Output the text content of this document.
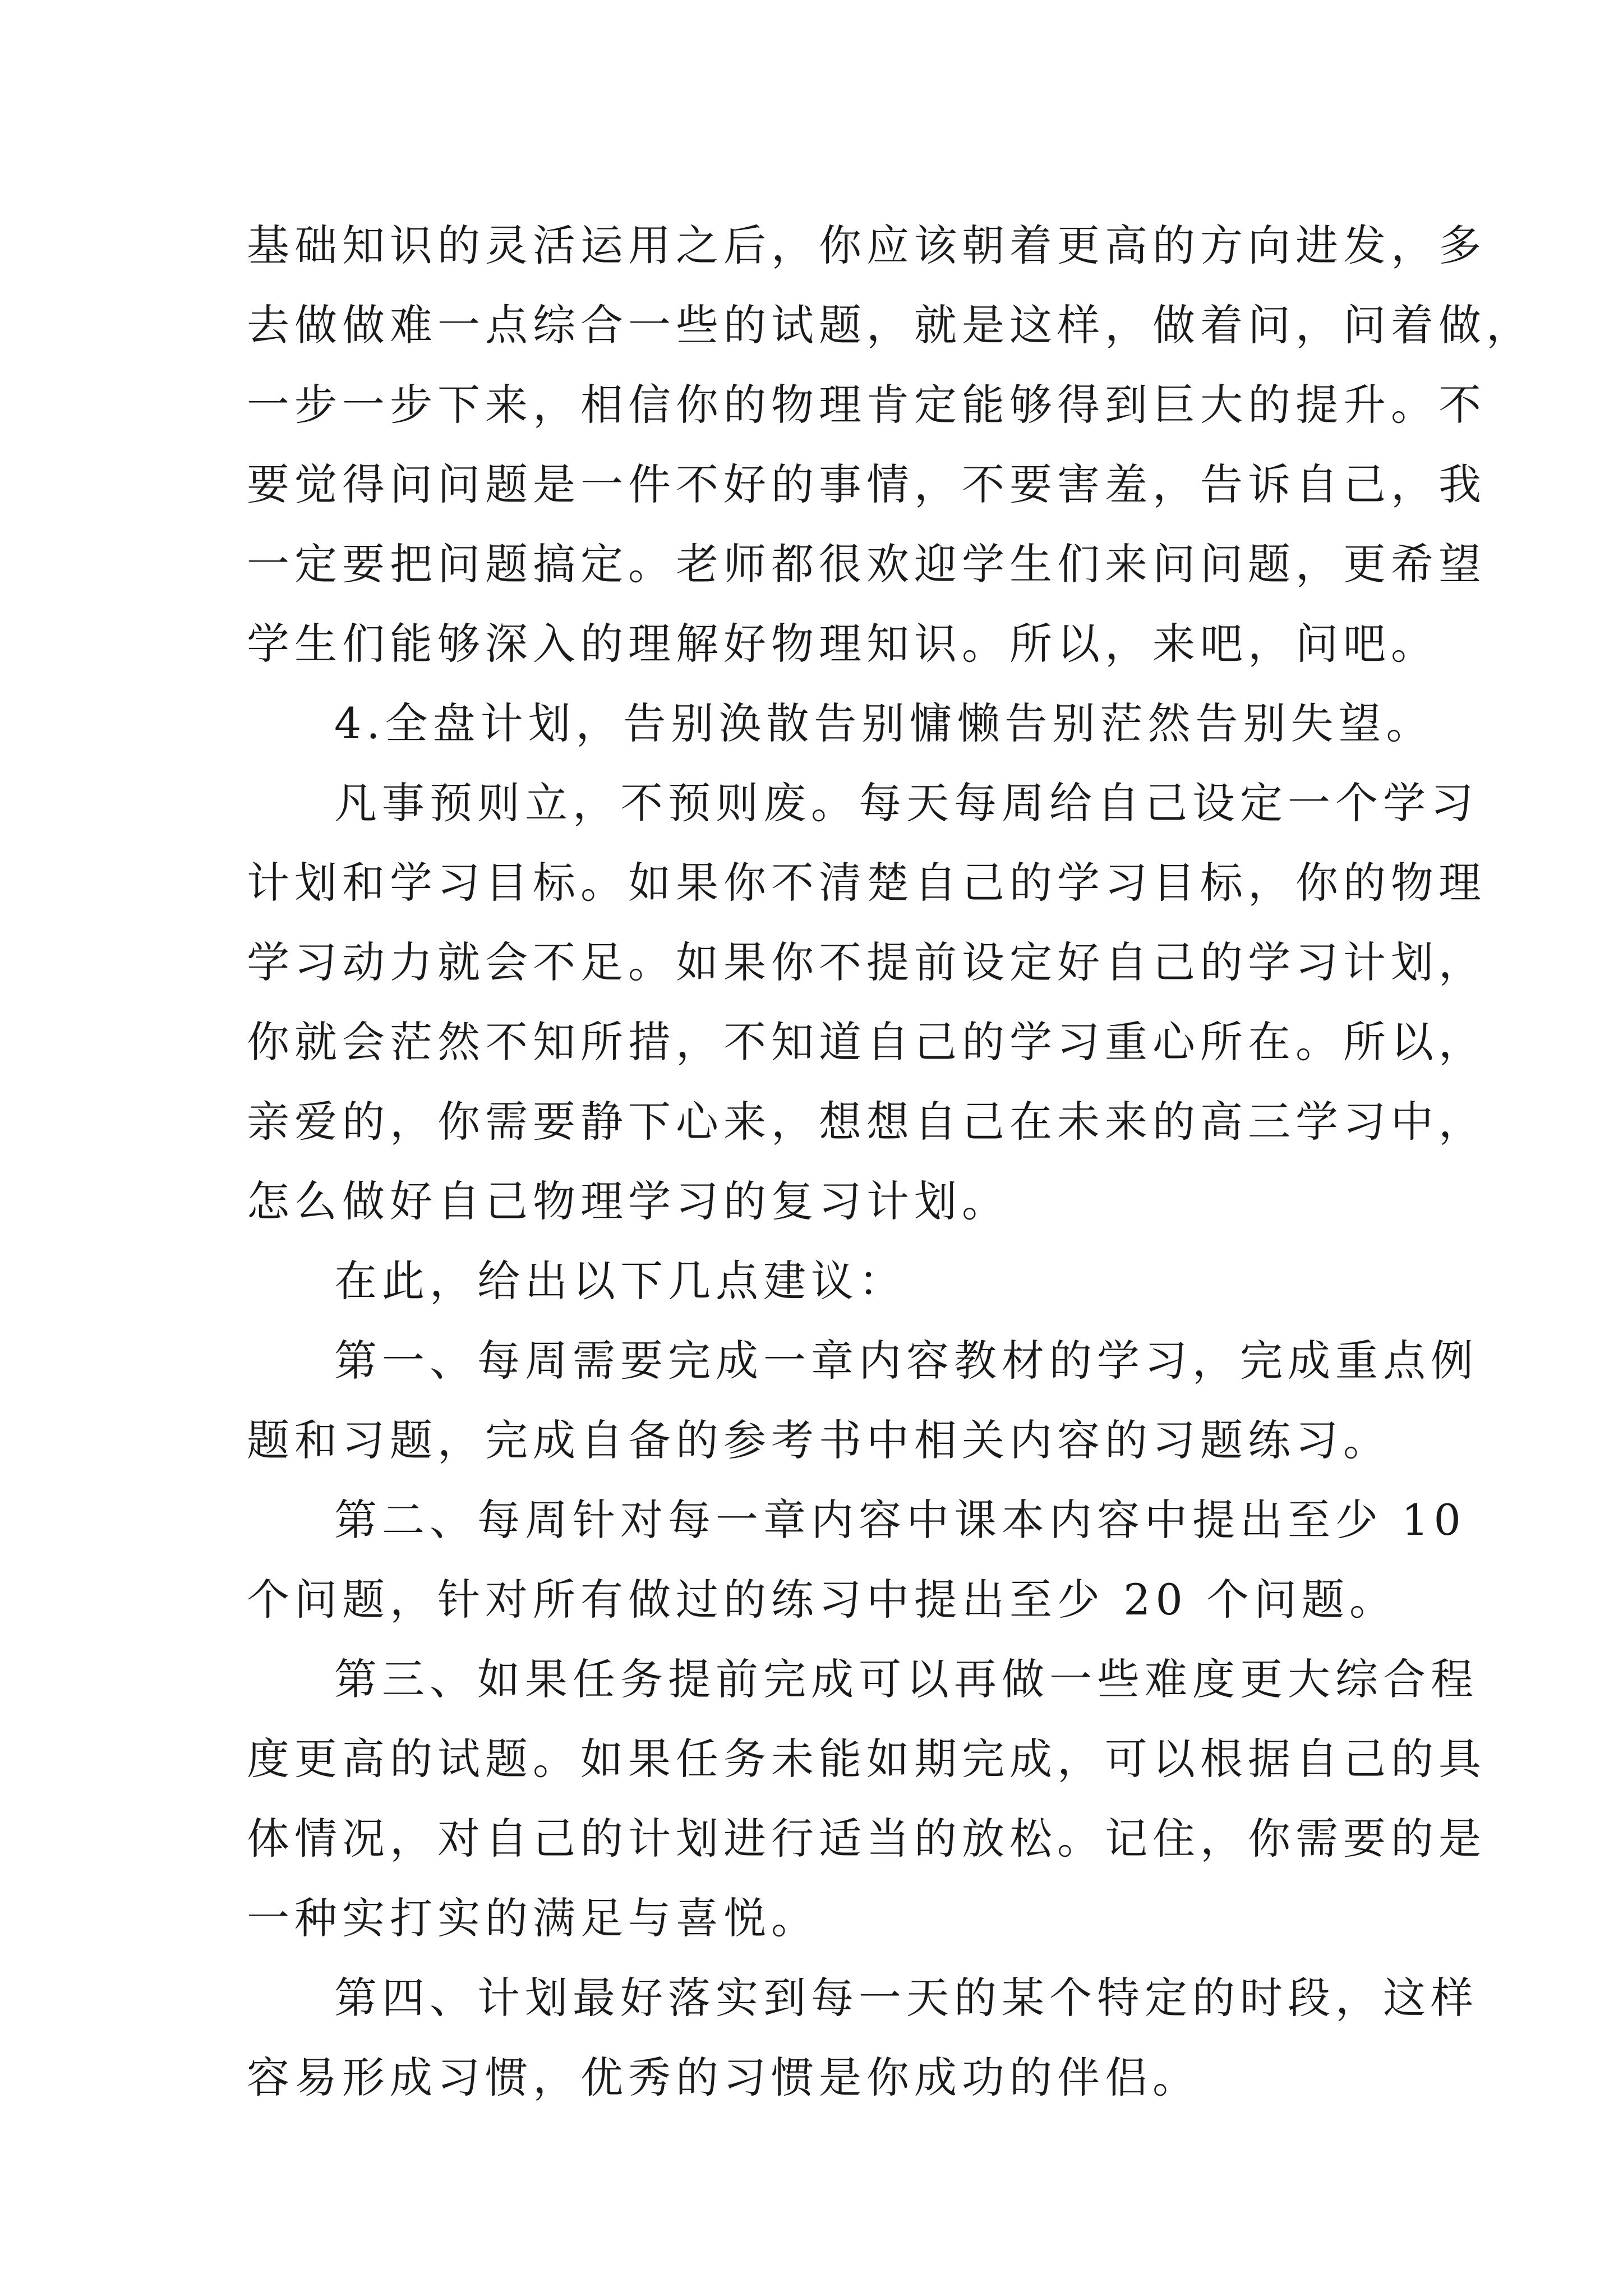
基础知识的灵活运用之后，你应该朝着更高的方向进发，多
去做做难一点综合一些的试题，就是这样，做着问，问着做，
一步一步下来，相信你的物理肯定能够得到巨大的提升。不
要觉得问问题是一件不好的事情，不要害羞，告诉自己，我
一定要把问题搞定。老师都很欢迎学生们来问问题，更希望
学生们能够深入的理解好物理知识。所以，来吧，问吧。
4.全盘计划，告别涣散告别慵懒告别茫然告别失望。
凡事预则立，不预则废。每天每周给自己设定一个学习
计划和学习目标。如果你不清楚自己的学习目标，你的物理
学习动力就会不足。如果你不提前设定好自己的学习计划，
你就会茫然不知所措，不知道自己的学习重心所在。所以，
亲爱的，你需要静下心来，想想自己在未来的高三学习中，
怎么做好自己物理学习的复习计划。
在此，给出以下几点建议：
第一、每周需要完成一章内容教材的学习，完成重点例
题和习题，完成自备的参考书中相关内容的习题练习。
第二、每周针对每一章内容中课本内容中提出至少 10
个问题，针对所有做过的练习中提出至少 20 个问题。
第三、如果任务提前完成可以再做一些难度更大综合程
度更高的试题。如果任务未能如期完成，可以根据自己的具
体情况，对自己的计划进行适当的放松。记住，你需要的是
一种实打实的满足与喜悦。
第四、计划最好落实到每一天的某个特定的时段，这样
容易形成习惯，优秀的习惯是你成功的伴侣。
